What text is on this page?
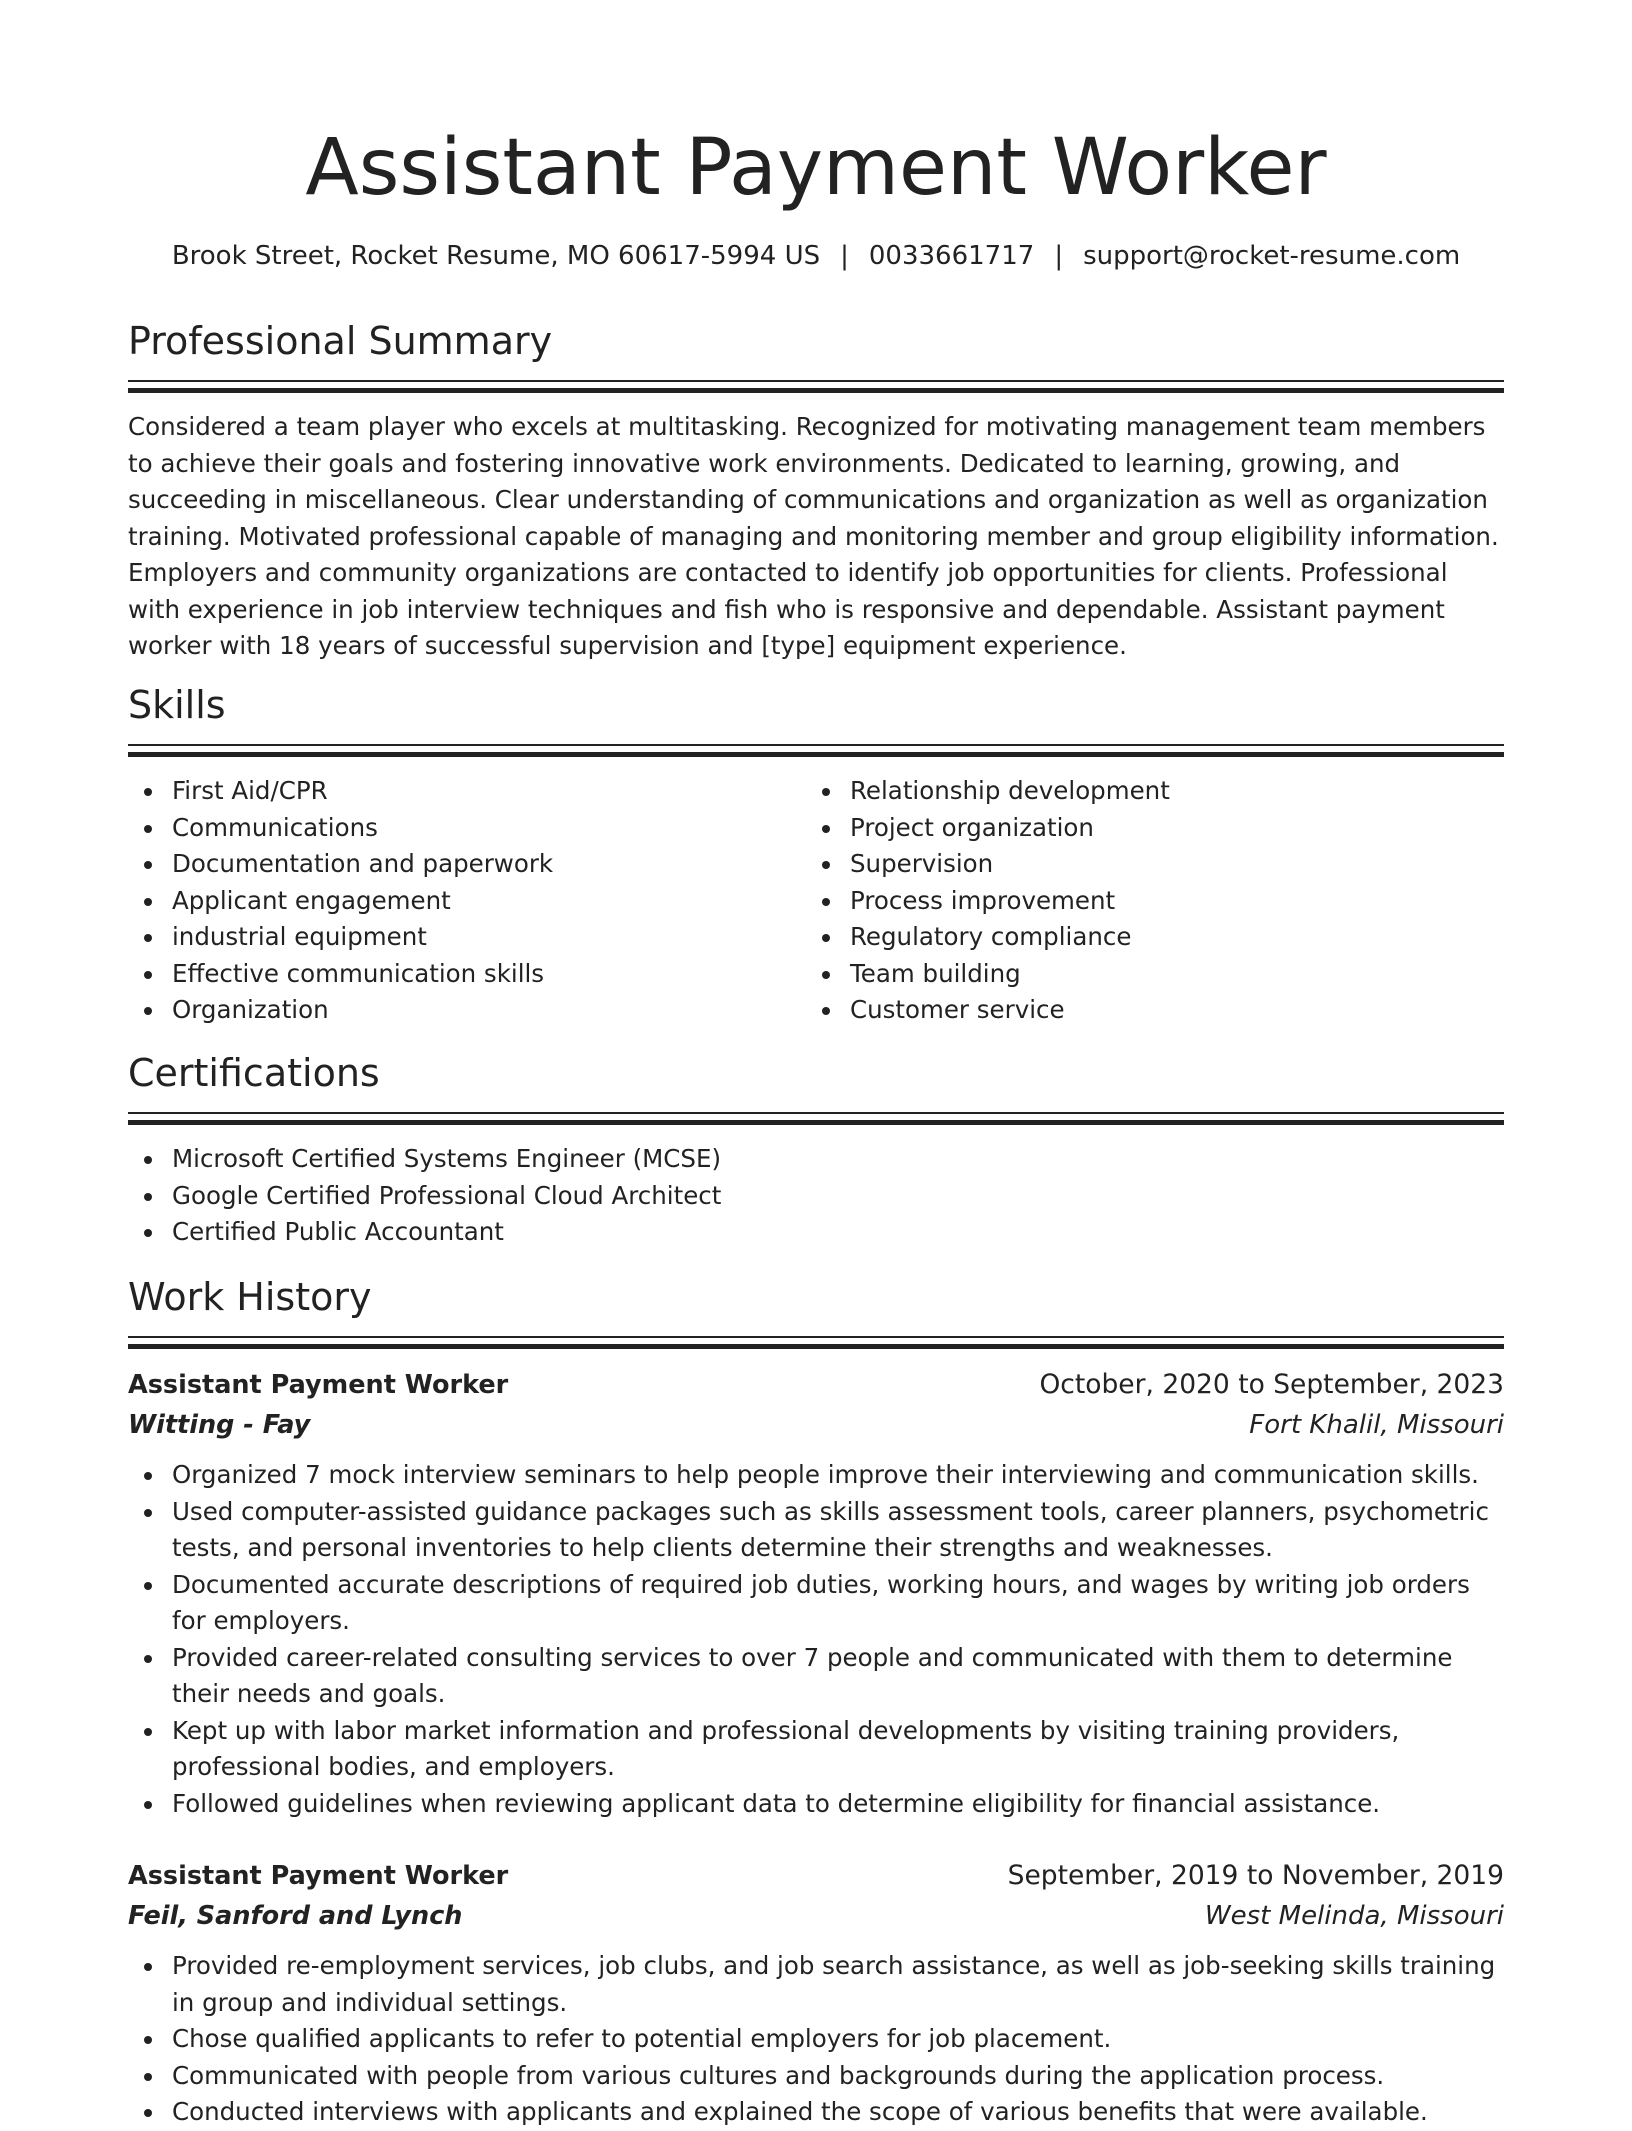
Assistant Payment Worker
Brook Street, Rocket Resume, MO 60617-5994 US | 0033661717 | support@rocket-resume.com
Professional Summary

Considered a team player who excels at multitasking. Recognized for motivating management team members to achieve their goals and fostering innovative work environments. Dedicated to learning, growing, and succeeding in miscellaneous. Clear understanding of communications and organization as well as organization training. Motivated professional capable of managing and monitoring member and group eligibility information. Employers and community organizations are contacted to identify job opportunities for clients. Professional with experience in job interview techniques and fish who is responsive and dependable. Assistant payment worker with 18 years of successful supervision and [type] equipment experience.

Skills
First Aid/CPR
Communications
Documentation and paperwork
Applicant engagement
industrial equipment
Effective communication skills
Organization
Relationship development
Project organization
Supervision
Process improvement
Regulatory compliance
Team building
Customer service
Certifications
Microsoft Certified Systems Engineer (MCSE)
Google Certified Professional Cloud Architect
Certified Public Accountant
Work History
Assistant Payment Worker	October, 2020 to September, 2023
Witting - Fay	Fort Khalil, Missouri
Organized 7 mock interview seminars to help people improve their interviewing and communication skills.
Used computer-assisted guidance packages such as skills assessment tools, career planners, psychometric tests, and personal inventories to help clients determine their strengths and weaknesses.
Documented accurate descriptions of required job duties, working hours, and wages by writing job orders for employers.
Provided career-related consulting services to over 7 people and communicated with them to determine their needs and goals.
Kept up with labor market information and professional developments by visiting training providers, professional bodies, and employers.
Followed guidelines when reviewing applicant data to determine eligibility for financial assistance.
Assistant Payment Worker	September, 2019 to November, 2019
Feil, Sanford and Lynch	West Melinda, Missouri
Provided re-employment services, job clubs, and job search assistance, as well as job-seeking skills training in group and individual settings.
Chose qualified applicants to refer to potential employers for job placement.
Communicated with people from various cultures and backgrounds during the application process.
Conducted interviews with applicants and explained the scope of various benefits that were available.
